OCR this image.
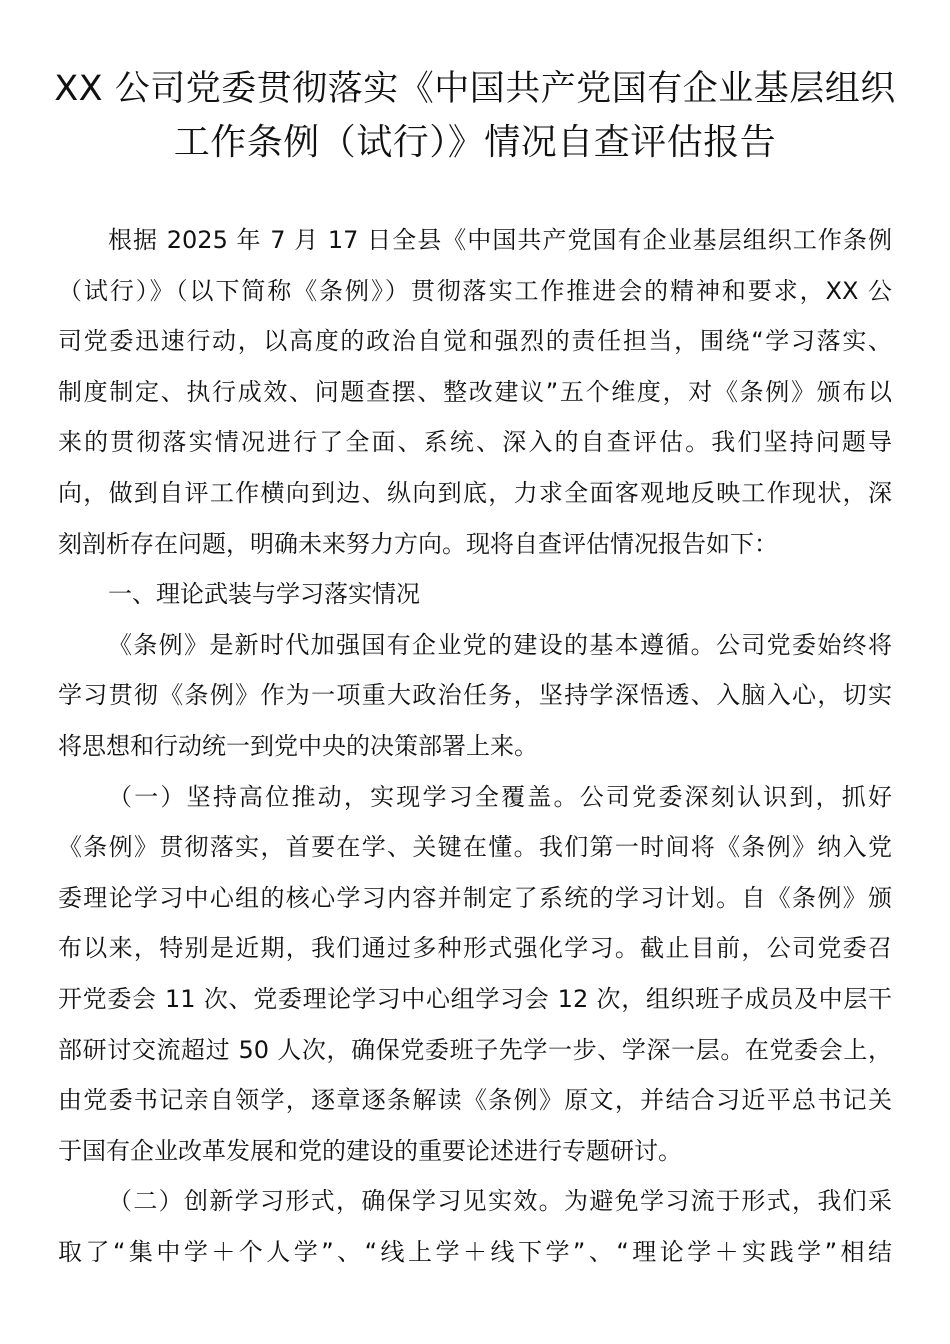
XX 公司党委贯彻落实《中国共产党国有企业基层组织
工作条例（试行）》情况自查评估报告
根据 2025 年 7 月 17 日全县《中国共产党国有企业基层组织工作条例
（试行）》（以下简称《条例》）贯彻落实工作推进会的精神和要求，XX 公
司党委迅速行动，以高度的政治自觉和强烈的责任担当，围绕“学习落实、
制度制定、执行成效、问题查摆、整改建议”五个维度，对《条例》颁布以
来的贯彻落实情况进行了全面、系统、深入的自查评估。我们坚持问题导
向，做到自评工作横向到边、纵向到底，力求全面客观地反映工作现状，深
刻剖析存在问题，明确未来努力方向。现将自查评估情况报告如下：
一、理论武装与学习落实情况
《条例》是新时代加强国有企业党的建设的基本遵循。公司党委始终将
学习贯彻《条例》作为一项重大政治任务，坚持学深悟透、入脑入心，切实
将思想和行动统一到党中央的决策部署上来。
（一）坚持高位推动，实现学习全覆盖。公司党委深刻认识到，抓好
《条例》贯彻落实，首要在学、关键在懂。我们第一时间将《条例》纳入党
委理论学习中心组的核心学习内容并制定了系统的学习计划。自《条例》颁
布以来，特别是近期，我们通过多种形式强化学习。截止目前，公司党委召
开党委会 11 次、党委理论学习中心组学习会 12 次，组织班子成员及中层干
部研讨交流超过 50 人次，确保党委班子先学一步、学深一层。在党委会上，
由党委书记亲自领学，逐章逐条解读《条例》原文，并结合习近平总书记关
于国有企业改革发展和党的建设的重要论述进行专题研讨。
（二）创新学习形式，确保学习见实效。为避免学习流于形式，我们采
取了“集中学＋个人学”、“线上学＋线下学”、“理论学＋实践学”相结
